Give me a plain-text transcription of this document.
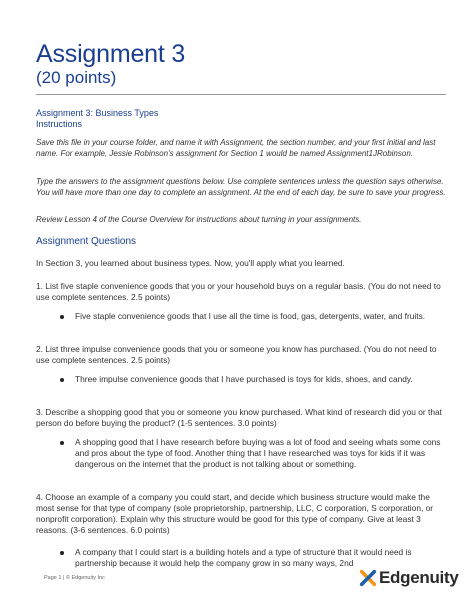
Assignment 3
(20 points)
Assignment 3: Business Types
Instructions
Save this file in your course folder, and name it with Assignment, the section number, and your first initial and last name. For example, Jessie Robinson's assignment for Section 1 would be named Assignment1JRobinson.
Type the answers to the assignment questions below. Use complete sentences unless the question says otherwise. You will have more than one day to complete an assignment. At the end of each day, be sure to save your progress.
Review Lesson 4 of the Course Overview for instructions about turning in your assignments.
Assignment Questions
In Section 3, you learned about business types. Now, you'll apply what you learned.
1. List five staple convenience goods that you or your household buys on a regular basis. (You do not need to use complete sentences. 2.5 points)
Five staple convenience goods that I use all the time is food, gas, detergents, water, and fruits.
2. List three impulse convenience goods that you or someone you know has purchased. (You do not need to use complete sentences. 2.5 points)
Three impulse convenience goods that I have purchased is toys for kids, shoes, and candy.
3. Describe a shopping good that you or someone you know purchased. What kind of research did you or that person do before buying the product? (1-5 sentences. 3.0 points)
A shopping good that I have research before buying was a lot of food and seeing whats some cons and pros about the type of food. Another thing that I have researched was toys for kids if it was dangerous on the internet that the product is not talking about or something.
4. Choose an example of a company you could start, and decide which business structure would make the most sense for that type of company (sole proprietorship, partnership, LLC, C corporation, S corporation, or nonprofit corporation). Explain why this structure would be good for this type of company. Give at least 3 reasons. (3-6 sentences. 6.0 points)
A company that I could start is a building hotels and a type of structure that it would need is partnership because it would help the company grow in so many ways, 2nd
Page 1 | © Edgenuity Inc	Edgenuity
